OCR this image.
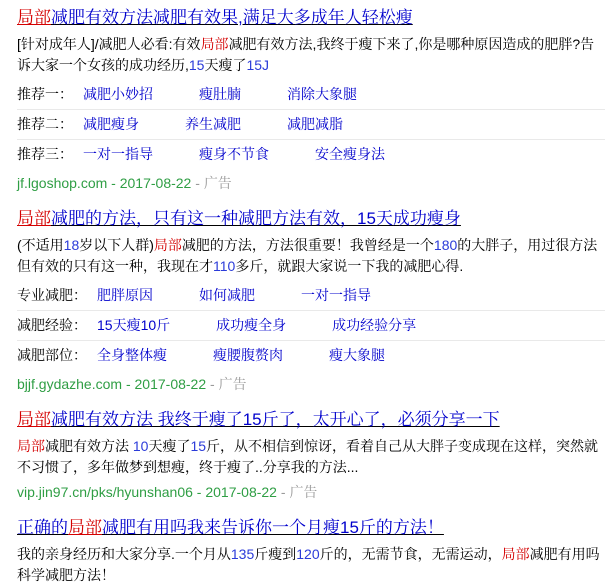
局部减肥有效方法减肥有效果,满足大多成年人轻松瘦
[针对成年人]/减肥人必看:有效局部减肥有效方法,我终于瘦下来了,你是哪种原因造成的肥胖?告诉大家一个女孩的成功经历,15天瘦了15J
推荐一： 减肥小妙招	瘦肚腩	消除大象腿
推荐二： 减肥瘦身	养生减肥	减肥减脂
推荐三： 一对一指导	瘦身不节食	安全瘦身法
jf.lgoshop.com - 2017-08-22 - 广告
局部减肥的方法，只有这一种减肥方法有效，15天成功瘦身
(不适用18岁以下人群)局部减肥的方法，方法很重要！我曾经是一个180的大胖子，用过很方法但有效的只有这一种，我现在才110多斤，就跟大家说一下我的减肥心得.
专业减肥： 肥胖原因	如何减肥	一对一指导
减肥经验： 15天瘦10斤	成功瘦全身	成功经验分享
减肥部位： 全身整体瘦	瘦腰腹赘肉	瘦大象腿
bjjf.gydazhe.com - 2017-08-22 - 广告
局部减肥有效方法 我终于瘦了15斤了，太开心了，必须分享一下
局部减肥有效方法 10天瘦了15斤，从不相信到惊讶，看着自己从大胖子变成现在这样，突然就不习惯了，多年做梦到想瘦，终于瘦了..分享我的方法...
vip.jin97.cn/pks/hyunshan06 - 2017-08-22 - 广告
正确的局部减肥有用吗我来告诉你一个月瘦15斤的方法！
我的亲身经历和大家分享.一个月从135斤瘦到120斤的，无需节食，无需运动，局部减肥有用吗科学减肥方法！
